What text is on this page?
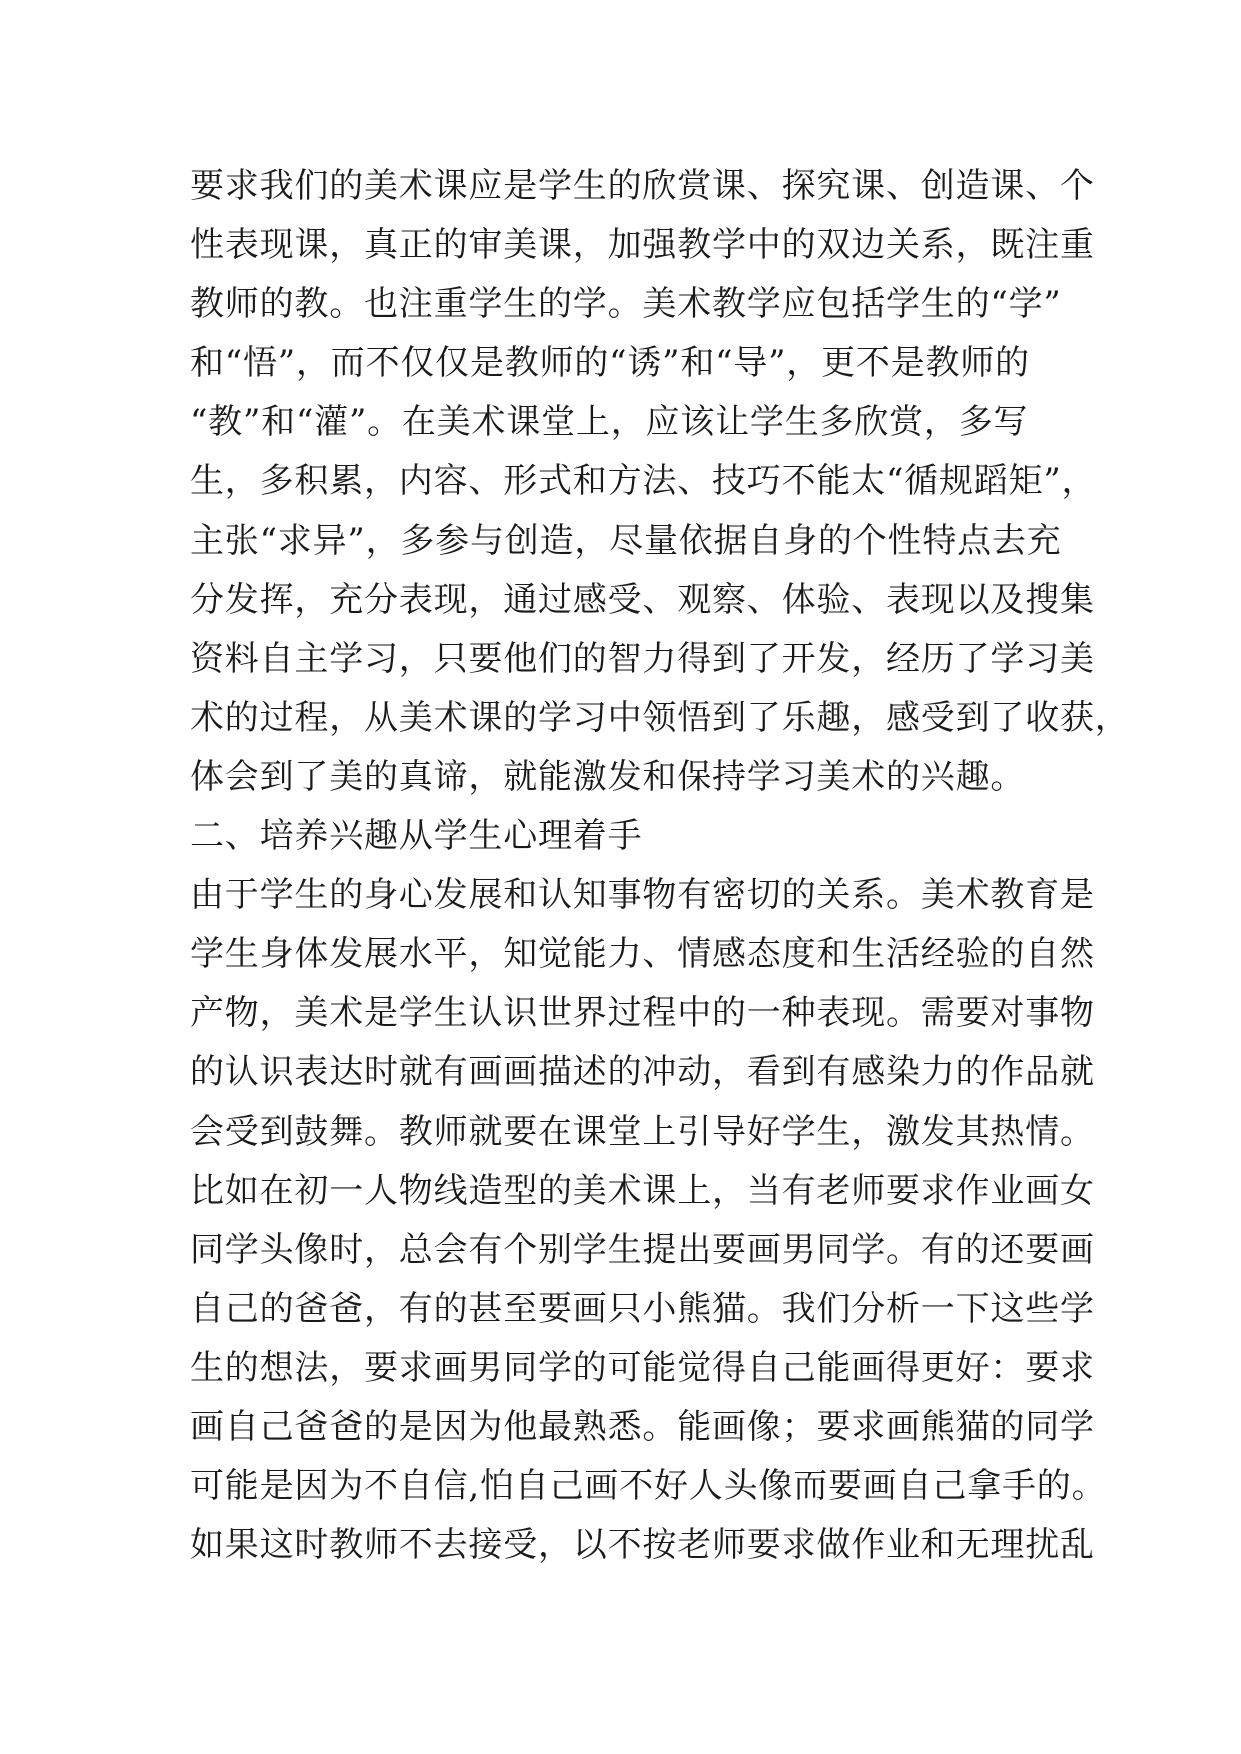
要求我们的美术课应是学生的欣赏课、探究课、创造课、个
性表现课，真正的审美课，加强教学中的双边关系，既注重
教师的教。也注重学生的学。美术教学应包括学生的“学”
和“悟”，而不仅仅是教师的“诱”和“导”，更不是教师的
“教”和“灌”。在美术课堂上，应该让学生多欣赏，多写
生，多积累，内容、形式和方法、技巧不能太“循规蹈矩”，
主张“求异”，多参与创造，尽量依据自身的个性特点去充
分发挥，充分表现，通过感受、观察、体验、表现以及搜集
资料自主学习，只要他们的智力得到了开发，经历了学习美
术的过程，从美术课的学习中领悟到了乐趣，感受到了收获，
体会到了美的真谛，就能激发和保持学习美术的兴趣。
二、培养兴趣从学生心理着手
由于学生的身心发展和认知事物有密切的关系。美术教育是
学生身体发展水平，知觉能力、情感态度和生活经验的自然
产物，美术是学生认识世界过程中的一种表现。需要对事物
的认识表达时就有画画描述的冲动，看到有感染力的作品就
会受到鼓舞。教师就要在课堂上引导好学生，激发其热情。
比如在初一人物线造型的美术课上，当有老师要求作业画女
同学头像时，总会有个别学生提出要画男同学。有的还要画
自己的爸爸，有的甚至要画只小熊猫。我们分析一下这些学
生的想法，要求画男同学的可能觉得自己能画得更好：要求
画自己爸爸的是因为他最熟悉。能画像；要求画熊猫的同学
可能是因为不自信,怕自己画不好人头像而要画自己拿手的。
如果这时教师不去接受，以不按老师要求做作业和无理扰乱
